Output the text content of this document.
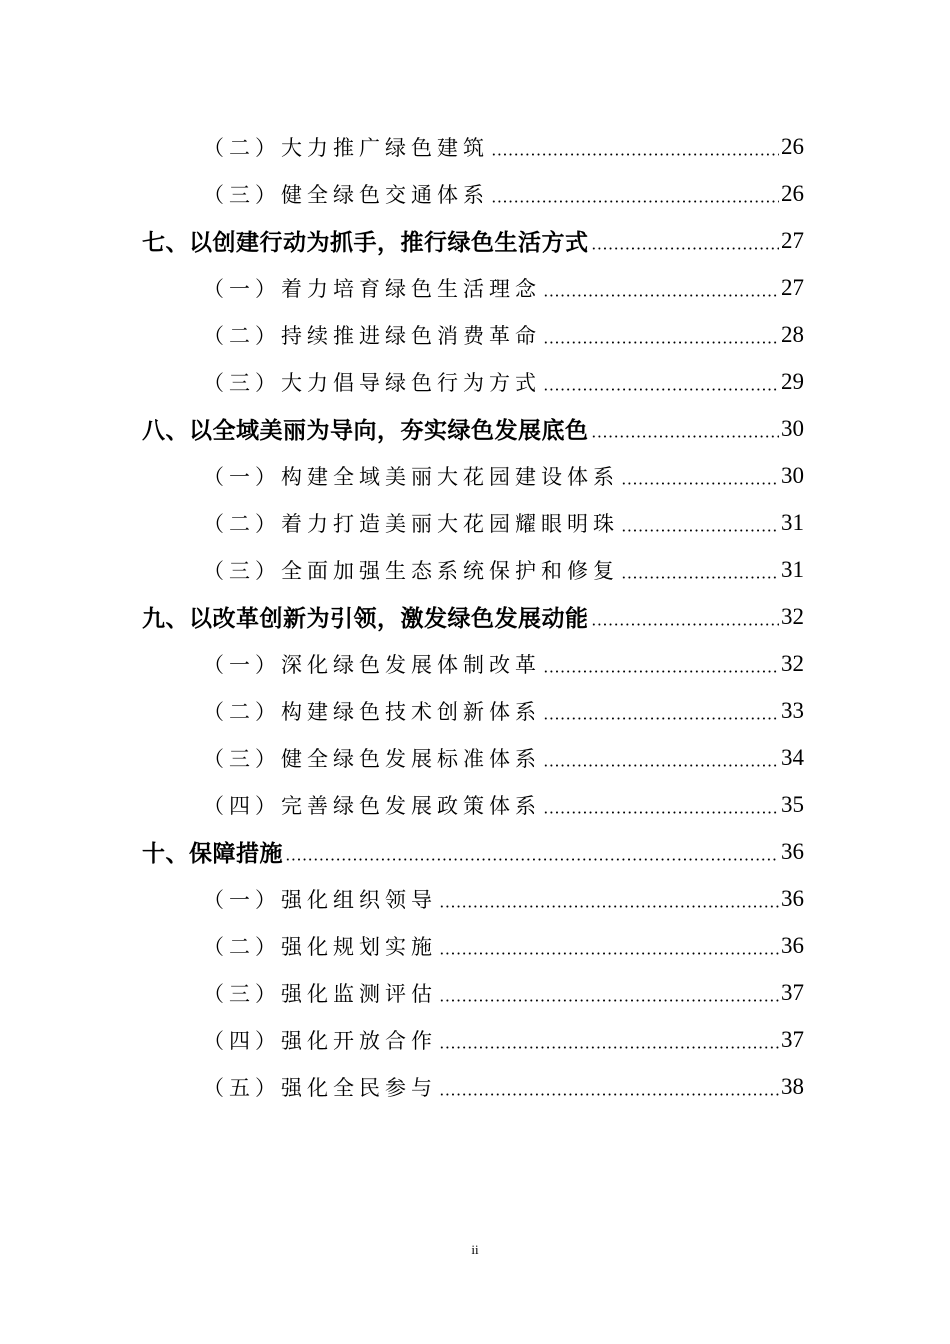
（二）大力推广绿色建筑	26
（三）健全绿色交通体系	26
七、以创建行动为抓手，推行绿色生活方式	27
（一）着力培育绿色生活理念	27
（二）持续推进绿色消费革命	28
（三）大力倡导绿色行为方式	29
八、以全域美丽为导向，夯实绿色发展底色	30
（一）构建全域美丽大花园建设体系	30
（二）着力打造美丽大花园耀眼明珠	31
（三）全面加强生态系统保护和修复	31
九、以改革创新为引领，激发绿色发展动能	32
（一）深化绿色发展体制改革	32
（二）构建绿色技术创新体系	33
（三）健全绿色发展标准体系	34
（四）完善绿色发展政策体系	35
十、保障措施	36
（一）强化组织领导	36
（二）强化规划实施	36
（三）强化监测评估	37
（四）强化开放合作	37
（五）强化全民参与	38
ii
